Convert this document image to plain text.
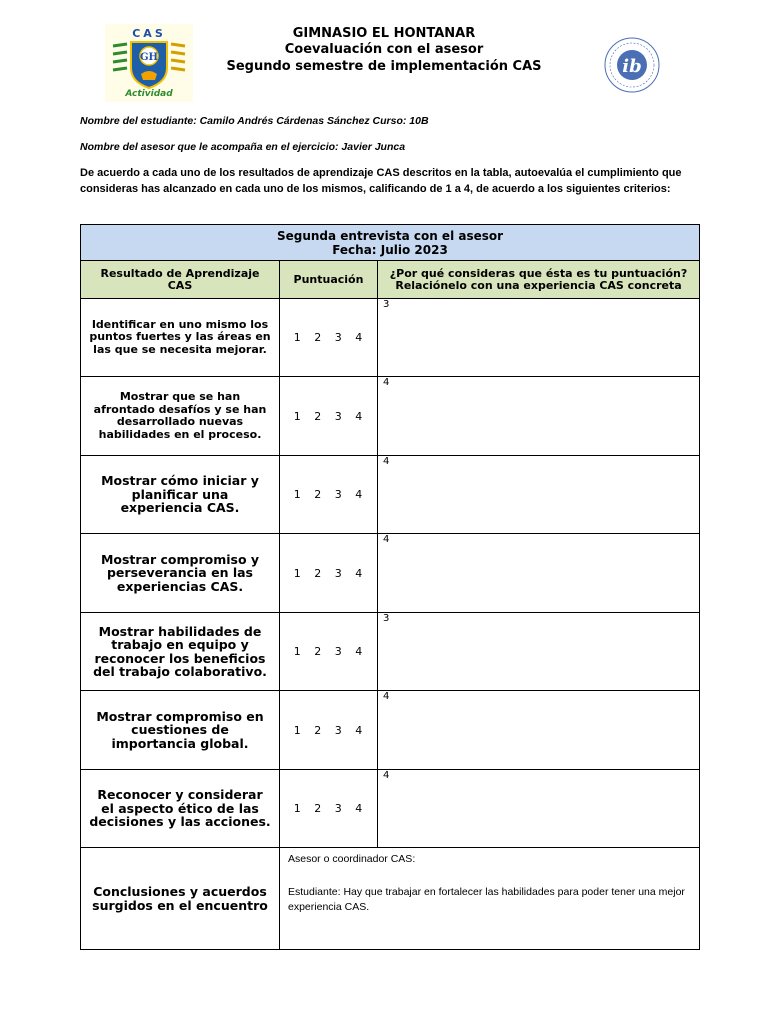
CAS
GH
Actividad
GIMNASIO EL HONTANAR
Coevaluación con el asesor
Segundo semestre de implementación CAS	ib
Nombre del estudiante: Camilo Andrés Cárdenas Sánchez Curso: 10B
Nombre del asesor que le acompaña en el ejercicio: Javier Junca
De acuerdo a cada uno de los resultados de aprendizaje CAS descritos en la tabla, autoevalúa el cumplimiento que consideras has alcanzado en cada uno de los mismos, calificando de 1 a 4, de acuerdo a los siguientes criterios:
Segunda entrevista con el asesor
Fecha: Julio 2023		

Resultado de Aprendizaje CAS	Puntuación	¿Por qué consideras que ésta es tu puntuación? Relaciónelo con una experiencia CAS concreta
Identificar en uno mismo los puntos fuertes y las áreas en las que se necesita mejorar.	1 2 3 4	3
Mostrar que se han afrontado desafíos y se han desarrollado nuevas habilidades en el proceso.	1 2 3 4	4
Mostrar cómo iniciar y planificar una experiencia CAS.	1 2 3 4	4
Mostrar compromiso y perseverancia en las experiencias CAS.	1 2 3 4	4
Mostrar habilidades de trabajo en equipo y reconocer los beneficios del trabajo colaborativo.	1 2 3 4	3
Mostrar compromiso en cuestiones de importancia global.	1 2 3 4	4
Reconocer y considerar el aspecto ético de las decisiones y las acciones.	1 2 3 4	4
Conclusiones y acuerdos surgidos en el encuentro	Asesor o coordinador CAS:
Estudiante: Hay que trabajar en fortalecer las habilidades para poder tener una mejor experiencia CAS.	
